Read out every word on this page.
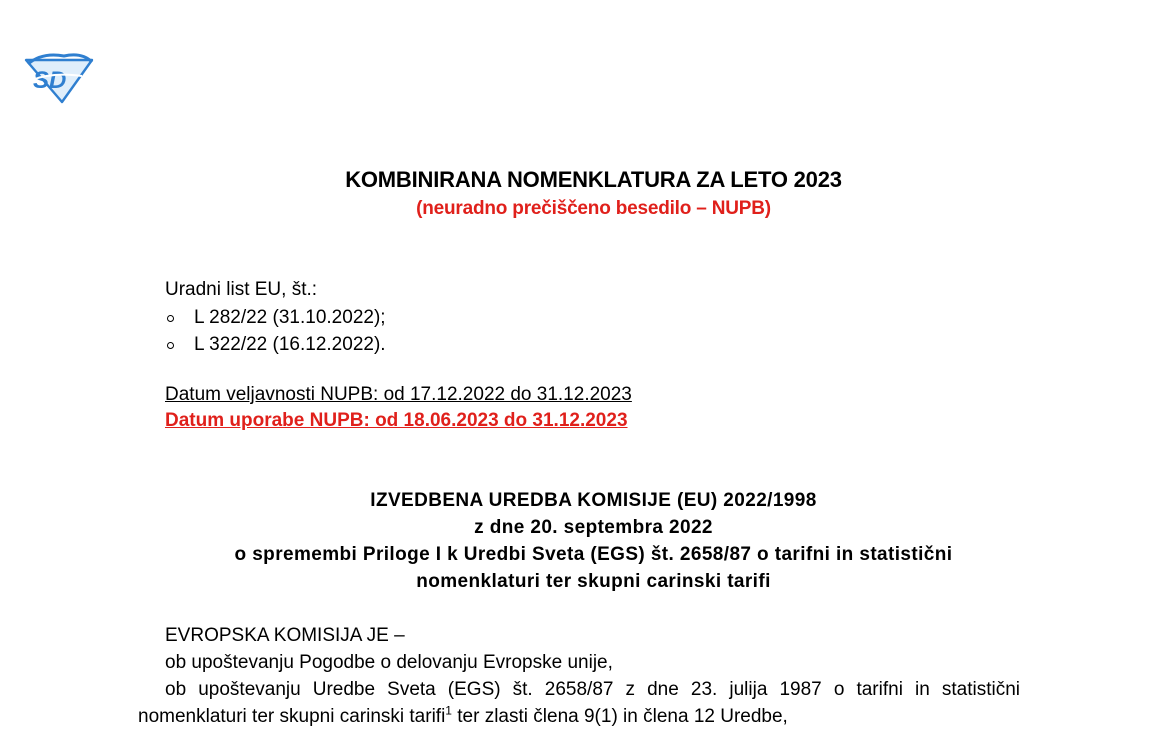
SD
KOMBINIRANA NOMENKLATURA ZA LETO 2023
(neuradno prečiščeno besedilo – NUPB)
Uradni list EU, št.:
L 282/22 (31.10.2022);
L 322/22 (16.12.2022).
Datum veljavnosti NUPB: od 17.12.2022 do 31.12.2023
Datum uporabe NUPB: od 18.06.2023 do 31.12.2023
IZVEDBENA UREDBA KOMISIJE (EU) 2022/1998
z dne 20. septembra 2022
o spremembi Priloge I k Uredbi Sveta (EGS) št. 2658/87 o tarifni in statistični
nomenklaturi ter skupni carinski tarifi

EVROPSKA KOMISIJA JE –

ob upoštevanju Pogodbe o delovanju Evropske unije,

ob upoštevanju Uredbe Sveta (EGS) št. 2658/87 z dne 23. julija 1987 o tarifni in statistični nomenklaturi ter skupni carinski tarifi$^1$ ter zlasti člena 9(1) in člena 12 Uredbe,
